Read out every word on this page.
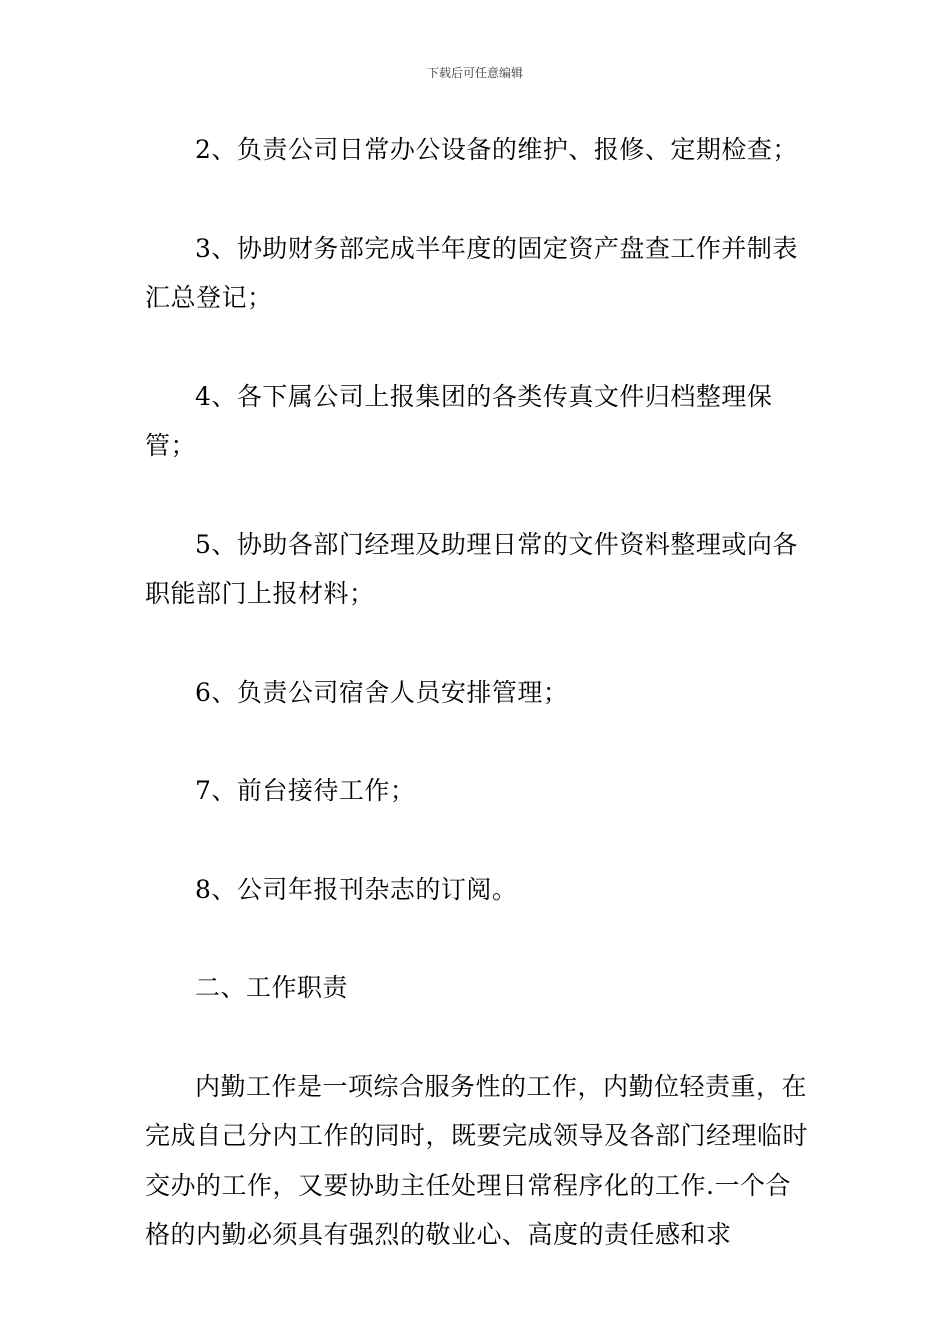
下载后可任意编辑

2、负责公司日常办公设备的维护、报修、定期检查；

3、协助财务部完成半年度的固定资产盘查工作并制表汇总登记；

4、各下属公司上报集团的各类传真文件归档整理保管；

5、协助各部门经理及助理日常的文件资料整理或向各职能部门上报材料；

6、负责公司宿舍人员安排管理；

7、前台接待工作；

8、公司年报刊杂志的订阅。

二、工作职责

内勤工作是一项综合服务性的工作，内勤位轻责重，在完成自己分内工作的同时，既要完成领导及各部门经理临时交办的工作，又要协助主任处理日常程序化的工作.一个合格的内勤必须具有强烈的敬业心、高度的责任感和求
